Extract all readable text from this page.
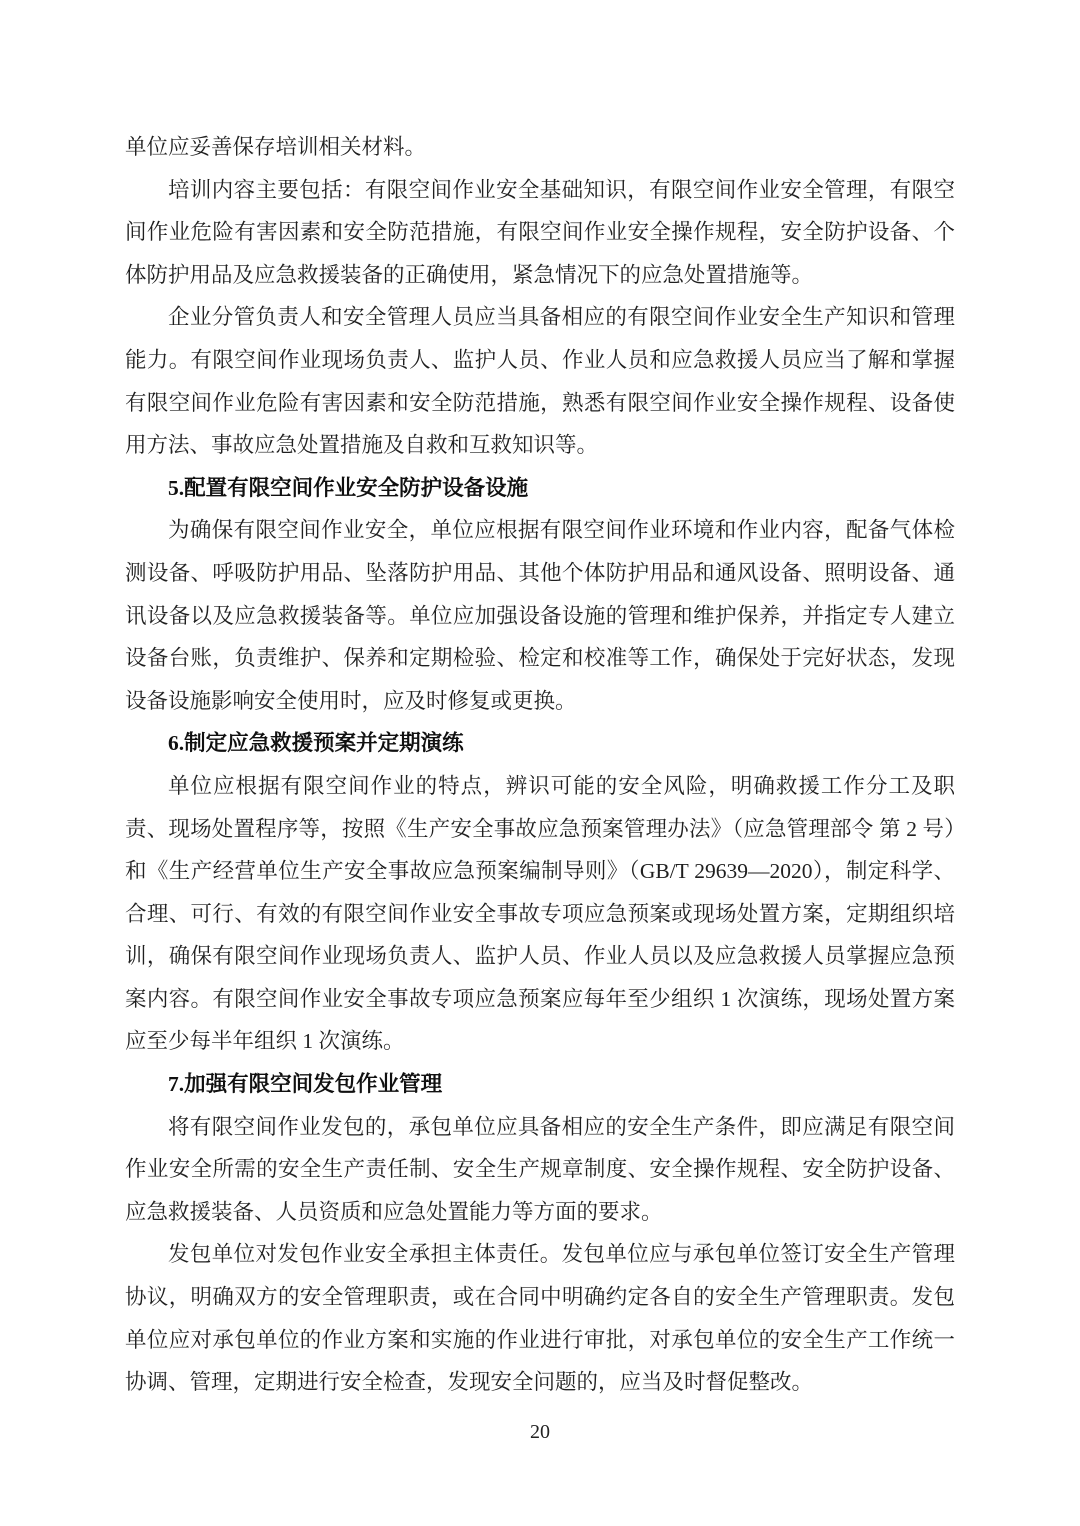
单位应妥善保存培训相关材料。

培训内容主要包括：有限空间作业安全基础知识，有限空间作业安全管理，有限空间作业危险有害因素和安全防范措施，有限空间作业安全操作规程，安全防护设备、个体防护用品及应急救援装备的正确使用，紧急情况下的应急处置措施等。

企业分管负责人和安全管理人员应当具备相应的有限空间作业安全生产知识和管理能力。有限空间作业现场负责人、监护人员、作业人员和应急救援人员应当了解和掌握有限空间作业危险有害因素和安全防范措施，熟悉有限空间作业安全操作规程、设备使用方法、事故应急处置措施及自救和互救知识等。

5.配置有限空间作业安全防护设备设施

为确保有限空间作业安全，单位应根据有限空间作业环境和作业内容，配备气体检测设备、呼吸防护用品、坠落防护用品、其他个体防护用品和通风设备、照明设备、通讯设备以及应急救援装备等。单位应加强设备设施的管理和维护保养，并指定专人建立设备台账，负责维护、保养和定期检验、检定和校准等工作，确保处于完好状态，发现设备设施影响安全使用时，应及时修复或更换。

6.制定应急救援预案并定期演练

单位应根据有限空间作业的特点，辨识可能的安全风险，明确救援工作分工及职责、现场处置程序等，按照《生产安全事故应急预案管理办法》（应急管理部令 第 2 号）和《生产经营单位生产安全事故应急预案编制导则》（GB/T 29639—2020），制定科学、合理、可行、有效的有限空间作业安全事故专项应急预案或现场处置方案，定期组织培训，确保有限空间作业现场负责人、监护人员、作业人员以及应急救援人员掌握应急预案内容。有限空间作业安全事故专项应急预案应每年至少组织 1 次演练，现场处置方案应至少每半年组织 1 次演练。

7.加强有限空间发包作业管理

将有限空间作业发包的，承包单位应具备相应的安全生产条件，即应满足有限空间作业安全所需的安全生产责任制、安全生产规章制度、安全操作规程、安全防护设备、应急救援装备、人员资质和应急处置能力等方面的要求。

发包单位对发包作业安全承担主体责任。发包单位应与承包单位签订安全生产管理协议，明确双方的安全管理职责，或在合同中明确约定各自的安全生产管理职责。发包单位应对承包单位的作业方案和实施的作业进行审批，对承包单位的安全生产工作统一协调、管理，定期进行安全检查，发现安全问题的，应当及时督促整改。

20
